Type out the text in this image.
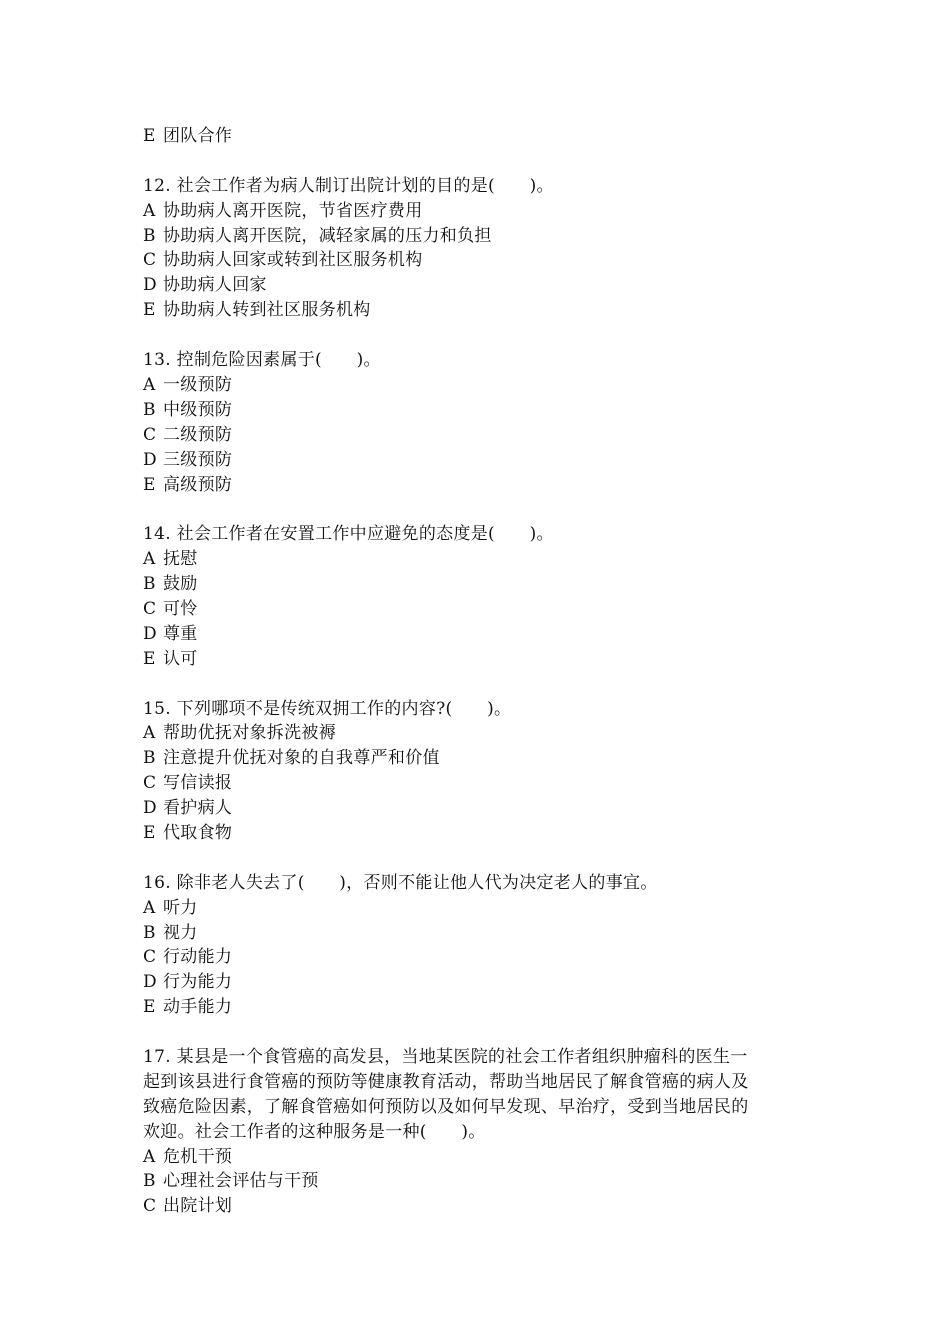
E 团队合作
12. 社会工作者为病人制订出院计划的目的是(　　)。
A 协助病人离开医院，节省医疗费用
B 协助病人离开医院，减轻家属的压力和负担
C 协助病人回家或转到社区服务机构
D 协助病人回家
E 协助病人转到社区服务机构
13. 控制危险因素属于(　　)。
A 一级预防
B 中级预防
C 二级预防
D 三级预防
E 高级预防
14. 社会工作者在安置工作中应避免的态度是(　　)。
A 抚慰
B 鼓励
C 可怜
D 尊重
E 认可
15. 下列哪项不是传统双拥工作的内容?(　　)。
A 帮助优抚对象拆洗被褥
B 注意提升优抚对象的自我尊严和价值
C 写信读报
D 看护病人
E 代取食物
16. 除非老人失去了(　　)，否则不能让他人代为决定老人的事宜。
A 听力
B 视力
C 行动能力
D 行为能力
E 动手能力
17. 某县是一个食管癌的高发县，当地某医院的社会工作者组织肿瘤科的医生一
起到该县进行食管癌的预防等健康教育活动，帮助当地居民了解食管癌的病人及
致癌危险因素，了解食管癌如何预防以及如何早发现、早治疗，受到当地居民的
欢迎。社会工作者的这种服务是一种(　　)。
A 危机干预
B 心理社会评估与干预
C 出院计划
